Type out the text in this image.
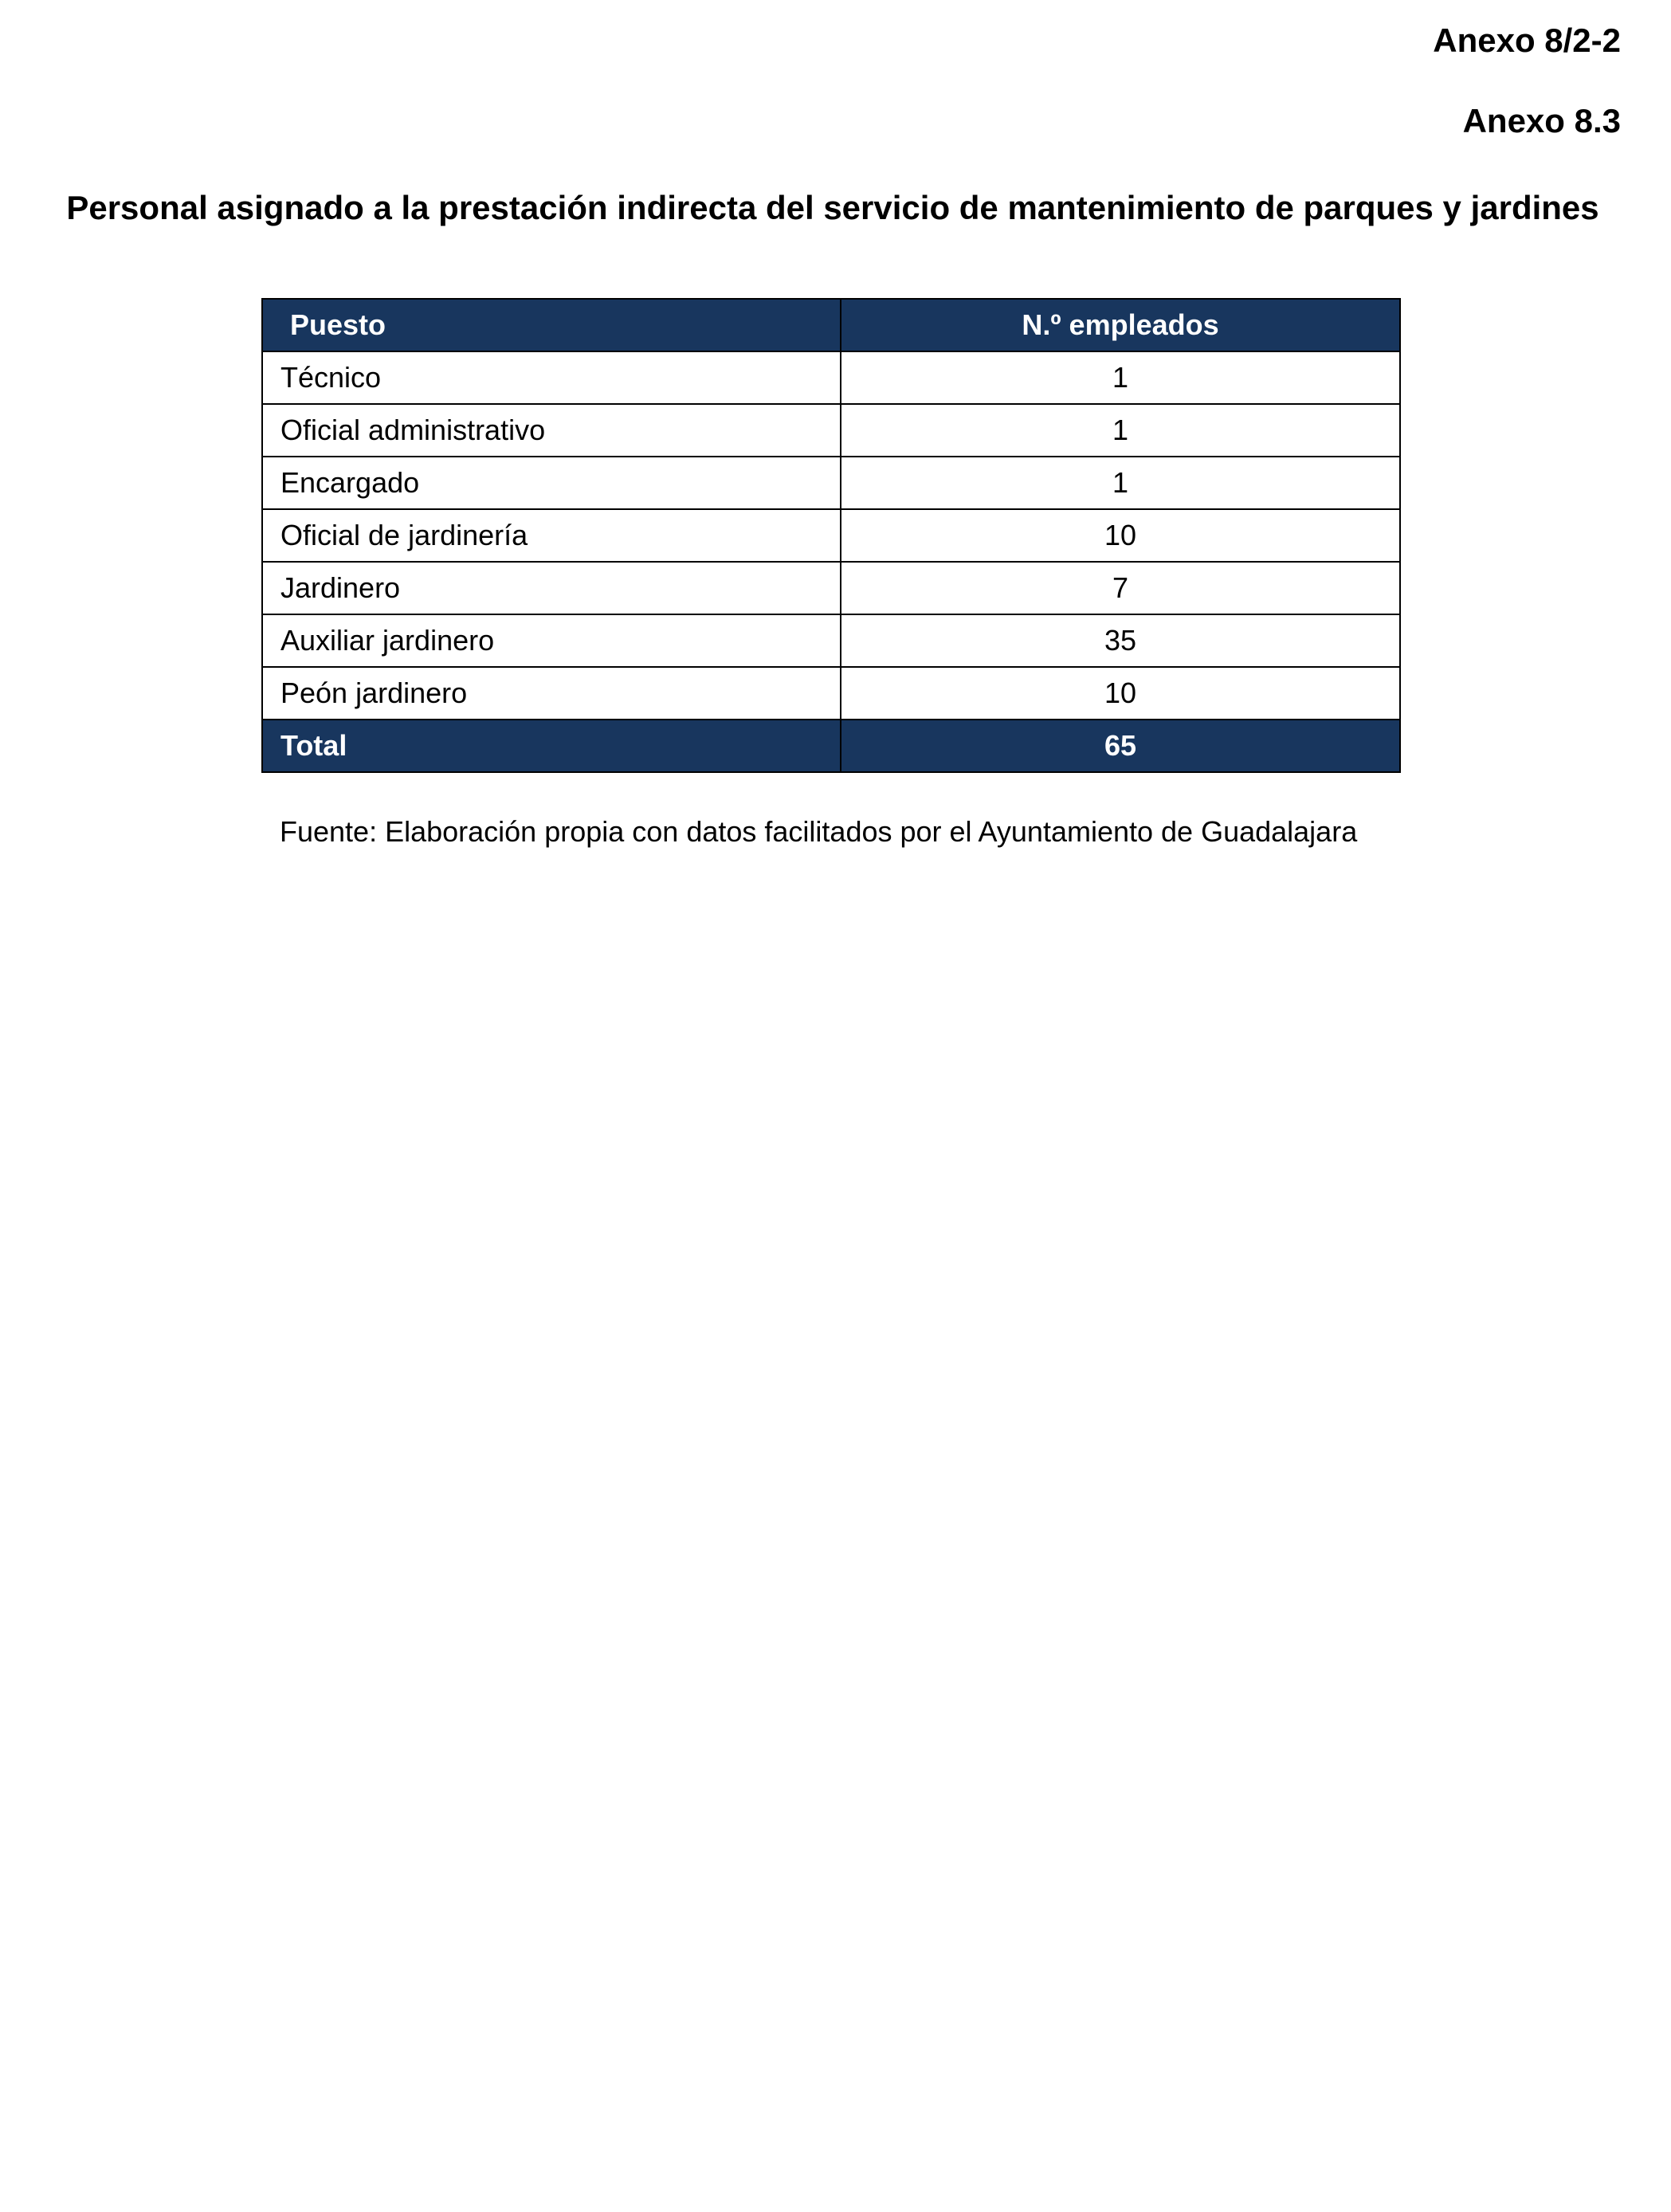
Anexo 8/2-2
Anexo 8.3
Personal asignado a la prestación indirecta del servicio de mantenimiento de parques y jardines
Puesto	N.º empleados
Técnico	1
Oficial administrativo	1
Encargado	1
Oficial de jardinería	10
Jardinero	7
Auxiliar jardinero	35
Peón jardinero	10
Total	65
Fuente: Elaboración propia con datos facilitados por el Ayuntamiento de Guadalajara
